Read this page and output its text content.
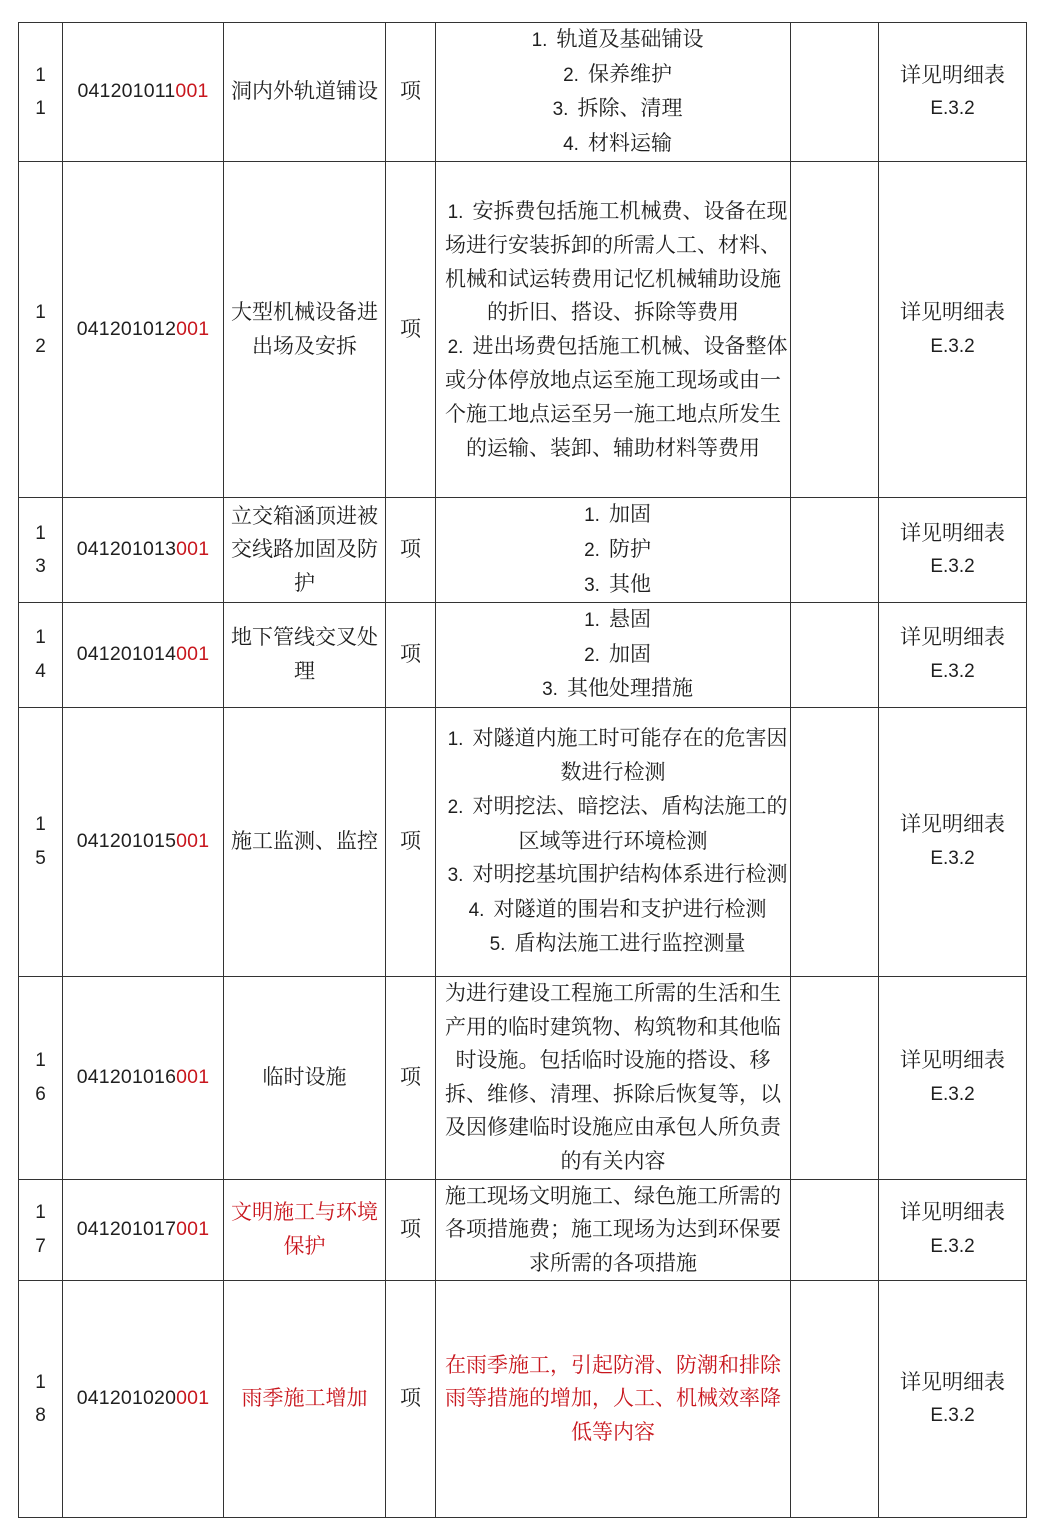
1
1	041201011001	洞内外轨道铺设	项	1. 轨道及基础铺设
2. 保养维护
3. 拆除、清理
4. 材料运输		详见明细表
E.3.2

1
2	041201012001	大型机械设备进出场及安拆	项	1. 安拆费包括施工机械费、设备在现场进行安装拆卸的所需人工、材料、机械和试运转费用记忆机械辅助设施的折旧、搭设、拆除等费用
2. 进出场费包括施工机械、设备整体或分体停放地点运至施工现场或由一个施工地点运至另一施工地点所发生的运输、装卸、辅助材料等费用		详见明细表
E.3.2

1
3	041201013001	立交箱涵顶进被交线路加固及防护	项	1. 加固
2. 防护
3. 其他		详见明细表
E.3.2

1
4	041201014001	地下管线交叉处理	项	1. 悬固
2. 加固
3. 其他处理措施		详见明细表
E.3.2

1
5	041201015001	施工监测、监控	项	1. 对隧道内施工时可能存在的危害因数进行检测
2. 对明挖法、暗挖法、盾构法施工的区域等进行环境检测
3. 对明挖基坑围护结构体系进行检测
4. 对隧道的围岩和支护进行检测
5. 盾构法施工进行监控测量		详见明细表
E.3.2

1
6	041201016001	临时设施	项	为进行建设工程施工所需的生活和生产用的临时建筑物、构筑物和其他临时设施。包括临时设施的搭设、移拆、维修、清理、拆除后恢复等，以及因修建临时设施应由承包人所负责的有关内容		详见明细表
E.3.2

1
7	041201017001	文明施工与环境保护	项	施工现场文明施工、绿色施工所需的各项措施费；施工现场为达到环保要求所需的各项措施		详见明细表
E.3.2

1
8	041201020001	雨季施工增加	项	在雨季施工，引起防滑、防潮和排除雨等措施的增加，人工、机械效率降低等内容		详见明细表
E.3.2
